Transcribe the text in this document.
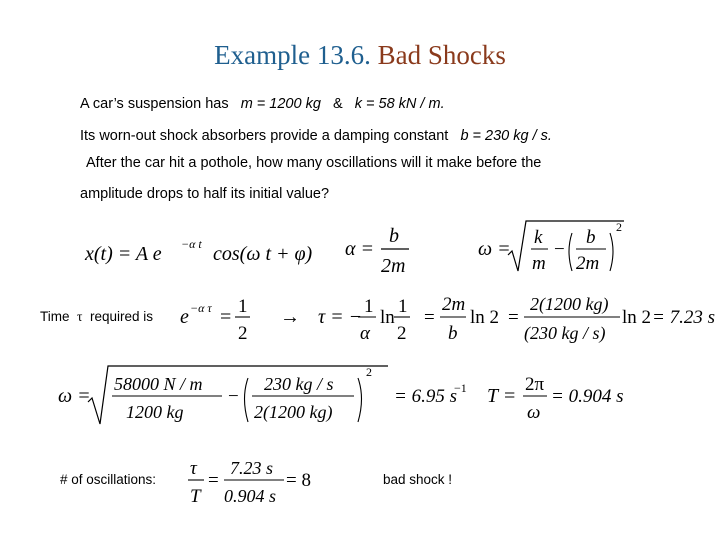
Example 13.6. Bad Shocks
A car’s suspension has m = 1200 kg & k = 58 kN / m.
Its worn-out shock absorbers provide a damping constant b = 230 kg / s.
After the car hit a pothole, how many oscillations will it make before the
amplitude drops to half its initial value?
x(t) = A e −α t cos(ω t + φ) α =
b
2m
ω =
k
m
−
b
2m
2
Time τ required is e −α τ = 1
2
→ τ = − 1
α
ln
1
2
=
2m
b
ln 2 =
2(1200 kg)
(230 kg / s)
ln 2 = 7.23 s
ω =
58000 N / m
1200 kg
−
230 kg / s
2(1200 kg)
2
= 6.95 s
−1 T =
2π
ω
= 0.904 s
# of oscillations:
τ
T
=
7.23 s
0.904 s
= 8	bad shock !
